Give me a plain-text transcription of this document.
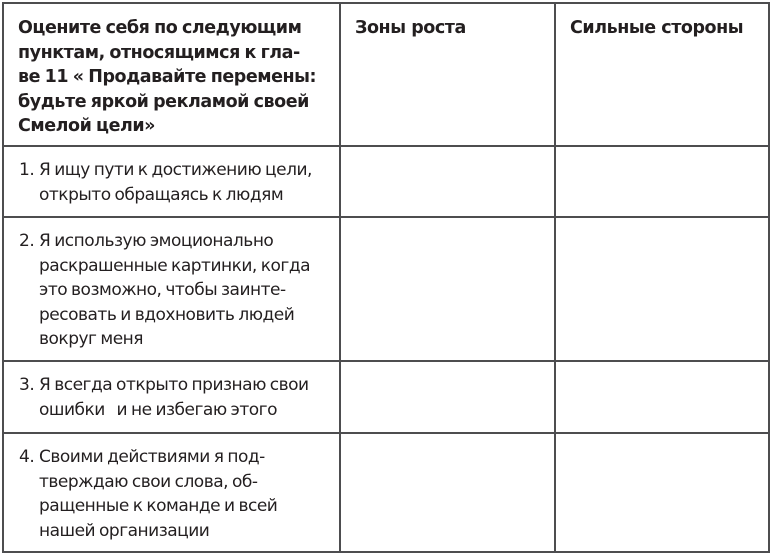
Оцените себя по следующим
пунктам, относящимся к гла-
ве 11 « Продавайте перемены:
будьте яркой рекламой своей
Смелой цели»	Зоны роста	Сильные стороны

1. Я ищу пути к достижению цели,
открыто обращаясь к людям		

2. Я использую эмоционально
раскрашенные картинки, когда
это возможно, чтобы заинте-
ресовать и вдохновить людей
вокруг меня

3. Я всегда открыто признаю свои
ошибки   и не избегаю этого		

4. Своими действиями я под-
тверждаю свои слова, об-
ращенные к команде и всей
нашей организации		
